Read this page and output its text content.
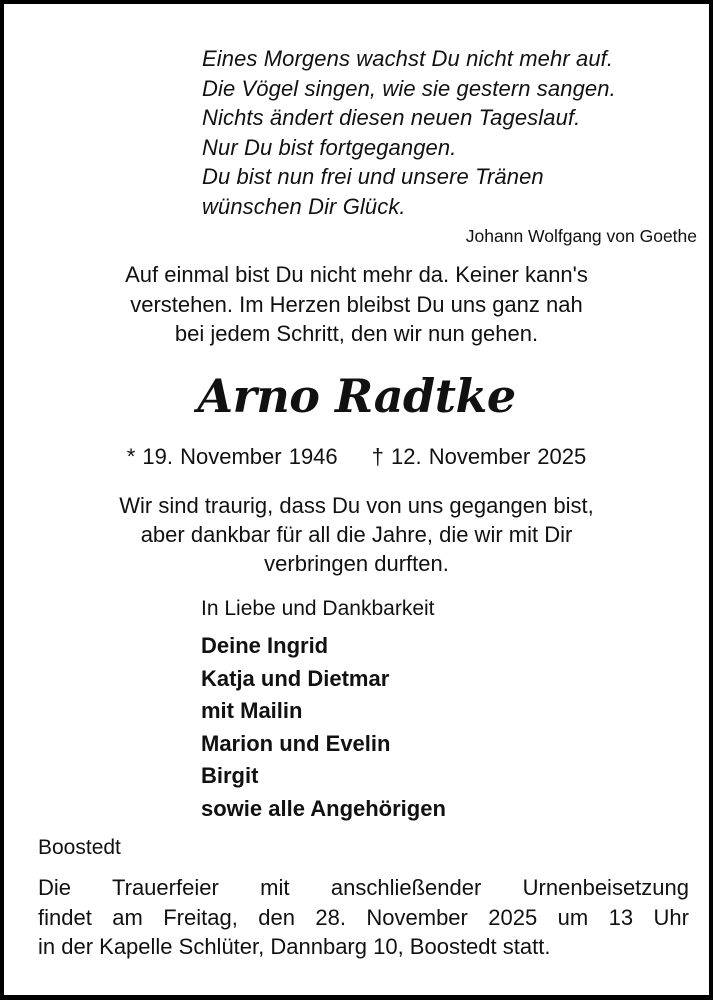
Eines Morgens wachst Du nicht mehr auf.
Die Vögel singen, wie sie gestern sangen.
Nichts ändert diesen neuen Tageslauf.
Nur Du bist fortgegangen.
Du bist nun frei und unsere Tränen
wünschen Dir Glück.
Johann Wolfgang von Goethe
Auf einmal bist Du nicht mehr da. Keiner kann's
verstehen. Im Herzen bleibst Du uns ganz nah
bei jedem Schritt, den wir nun gehen.
Arno Radtke
* 19. November 1946 † 12. November 2025
Wir sind traurig, dass Du von uns gegangen bist,
aber dankbar für all die Jahre, die wir mit Dir
verbringen durften.
In Liebe und Dankbarkeit
Deine Ingrid
Katja und Dietmar
mit Mailin
Marion und Evelin
Birgit
sowie alle Angehörigen
Boostedt
Die Trauerfeier mit anschließender Urnenbeisetzung
findet am Freitag, den 28. November 2025 um 13 Uhr
in der Kapelle Schlüter, Dannbarg 10, Boostedt statt.
